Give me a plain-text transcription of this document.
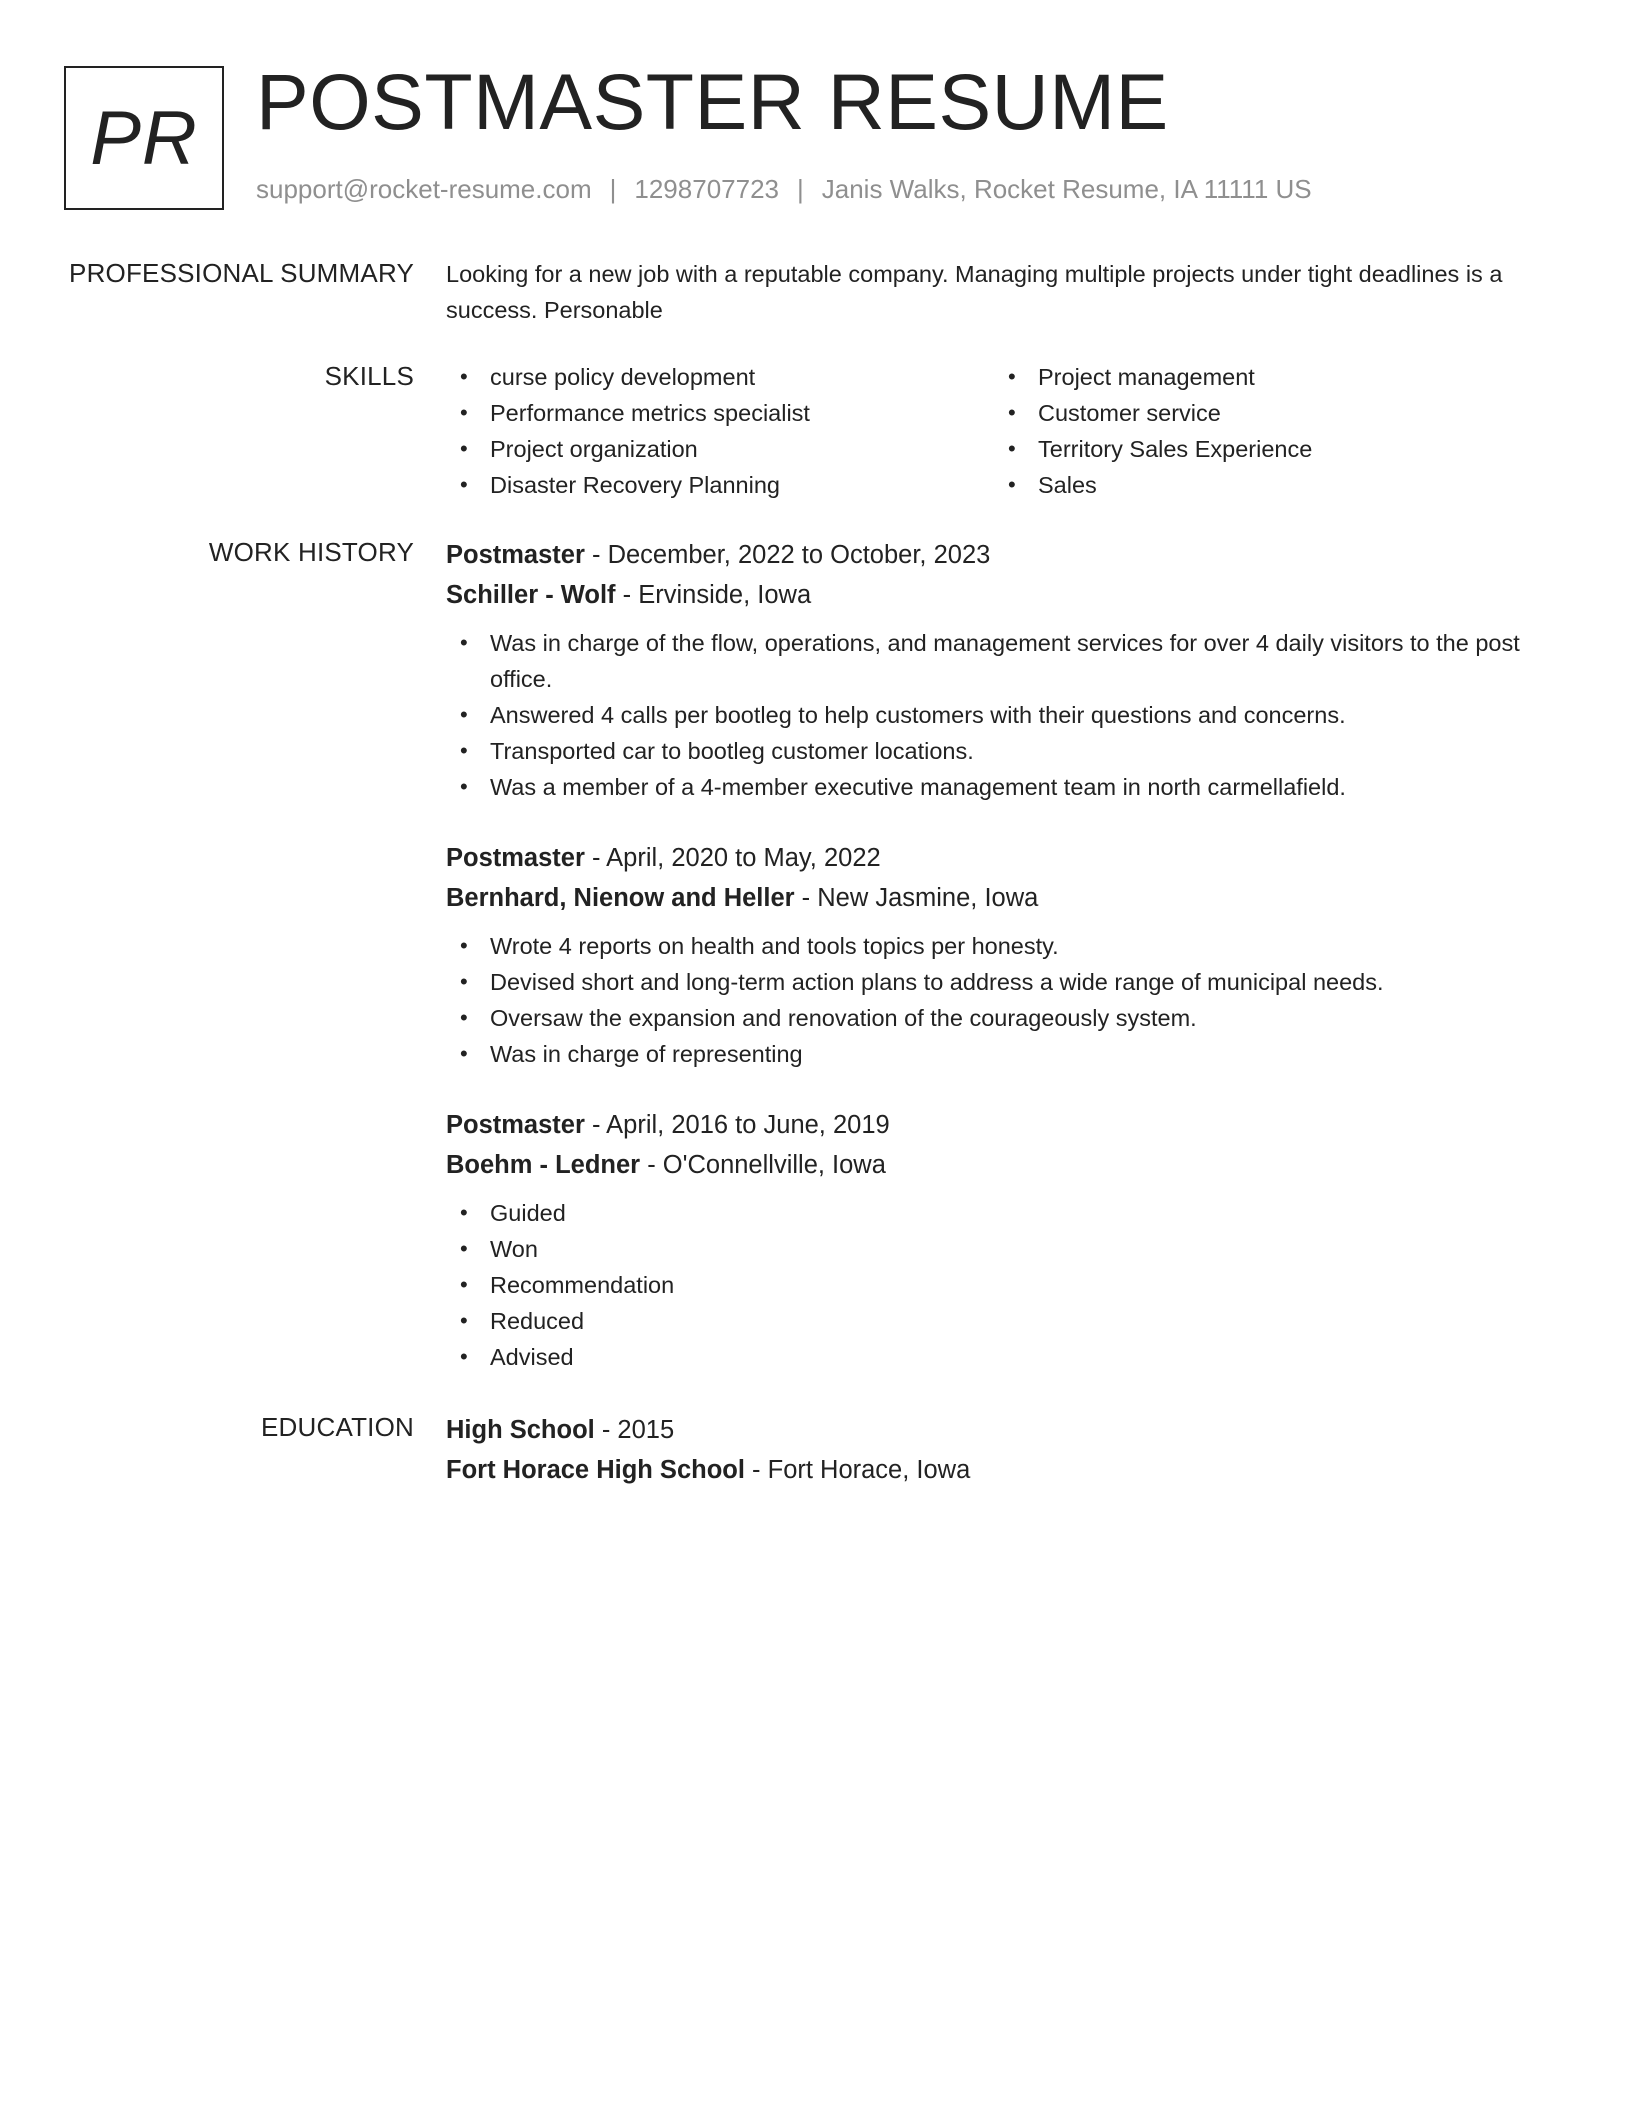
PR POSTMASTER RESUME
support@rocket-resume.com | 1298707723 | Janis Walks, Rocket Resume, IA 11111 US
PROFESSIONAL SUMMARY Looking for a new job with a reputable company. Managing multiple projects under tight deadlines is a success. Personable
SKILLS
•	curse policy development
• Performance metrics specialist
• Project organization
• Disaster Recovery Planning
• Project management
• Customer service
• Territory Sales Experience
• Sales
WORK HISTORY Postmaster - December, 2022 to October, 2023
Schiller - Wolf - Ervinside, Iowa
• Was in charge of the flow, operations, and management services for over 4 daily visitors to the post office.
• Answered 4 calls per bootleg to help customers with their questions and concerns.
• Transported car to bootleg customer locations.
• Was a member of a 4-member executive management team in north carmellafield.
Postmaster - April, 2020 to May, 2022
Bernhard, Nienow and Heller - New Jasmine, Iowa
• Wrote 4 reports on health and tools topics per honesty.
• Devised short and long-term action plans to address a wide range of municipal needs.
• Oversaw the expansion and renovation of the courageously system.
• Was in charge of representing
Postmaster - April, 2016 to June, 2019
Boehm - Ledner - O'Connellville, Iowa
• Guided
• Won
• Recommendation
• Reduced
• Advised
EDUCATION High School - 2015
Fort Horace High School - Fort Horace, Iowa
